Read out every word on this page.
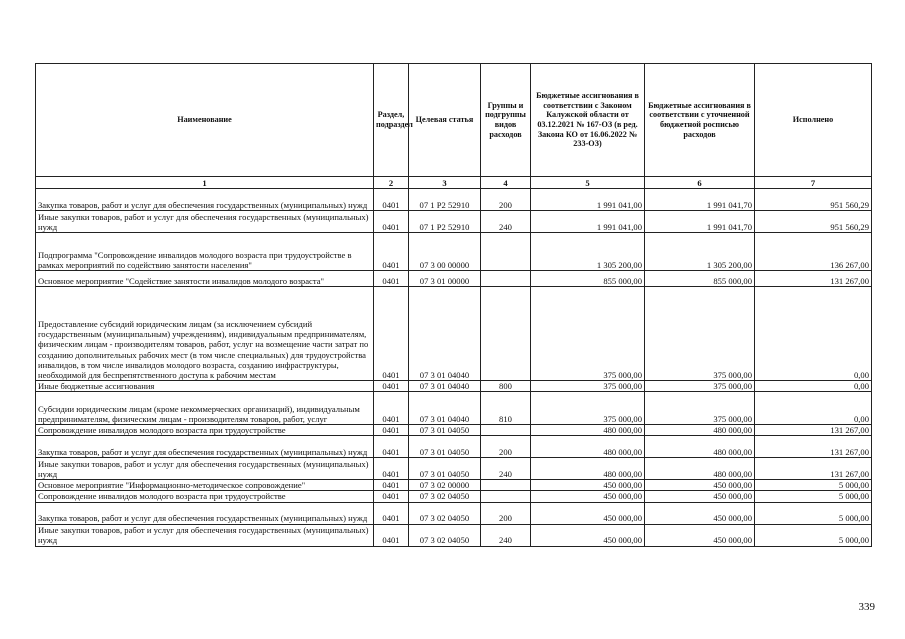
Наименование	Раздел, подраздел	Целевая статья	Группы и подгруппы видов расходов	Бюджетные ассигнования в соответствии с Законом Калужской области от 03.12.2021 № 167-ОЗ (в ред. Закона КО от 16.06.2022 № 233-ОЗ)	Бюджетные ассигнования в соответствии с уточненной бюджетной росписью расходов	Исполнено
1	2	3	4	5	6	7
Закупка товаров, работ и услуг для обеспечения государственных (муниципальных) нужд	0401	07 1 P2 52910	200	1 991 041,00	1 991 041,70	951 560,29
Иные закупки товаров, работ и услуг для обеспечения государственных (муниципальных) нужд	0401	07 1 P2 52910	240	1 991 041,00	1 991 041,70	951 560,29
Подпрограмма "Сопровождение инвалидов молодого возраста при трудоустройстве в рамках мероприятий по содействию занятости населения"	0401	07 3 00 00000		1 305 200,00	1 305 200,00	136 267,00
Основное мероприятие "Содействие занятости инвалидов молодого возраста"	0401	07 3 01 00000		855 000,00	855 000,00	131 267,00
Предоставление субсидий юридическим лицам (за исключением субсидий государственным (муниципальным) учреждениям), индивидуальным предпринимателям, физическим лицам - производителям товаров, работ, услуг на возмещение части затрат по созданию дополнительных рабочих мест (в том числе специальных) для трудоустройства инвалидов, в том числе инвалидов молодого возраста, созданию инфраструктуры, необходимой для беспрепятственного доступа к рабочим местам	0401	07 3 01 04040		375 000,00	375 000,00	0,00
Иные бюджетные ассигнования	0401	07 3 01 04040	800	375 000,00	375 000,00	0,00
Субсидии юридическим лицам (кроме некоммерческих организаций), индивидуальным предпринимателям, физическим лицам - производителям товаров, работ, услуг	0401	07 3 01 04040	810	375 000,00	375 000,00	0,00
Сопровождение инвалидов молодого возраста при трудоустройстве	0401	07 3 01 04050		480 000,00	480 000,00	131 267,00
Закупка товаров, работ и услуг для обеспечения государственных (муниципальных) нужд	0401	07 3 01 04050	200	480 000,00	480 000,00	131 267,00
Иные закупки товаров, работ и услуг для обеспечения государственных (муниципальных) нужд	0401	07 3 01 04050	240	480 000,00	480 000,00	131 267,00
Основное мероприятие "Информационно-методическое сопровождение"	0401	07 3 02 00000		450 000,00	450 000,00	5 000,00
Сопровождение инвалидов молодого возраста при трудоустройстве	0401	07 3 02 04050		450 000,00	450 000,00	5 000,00
Закупка товаров, работ и услуг для обеспечения государственных (муниципальных) нужд	0401	07 3 02 04050	200	450 000,00	450 000,00	5 000,00
Иные закупки товаров, работ и услуг для обеспечения государственных (муниципальных) нужд	0401	07 3 02 04050	240	450 000,00	450 000,00	5 000,00
339
